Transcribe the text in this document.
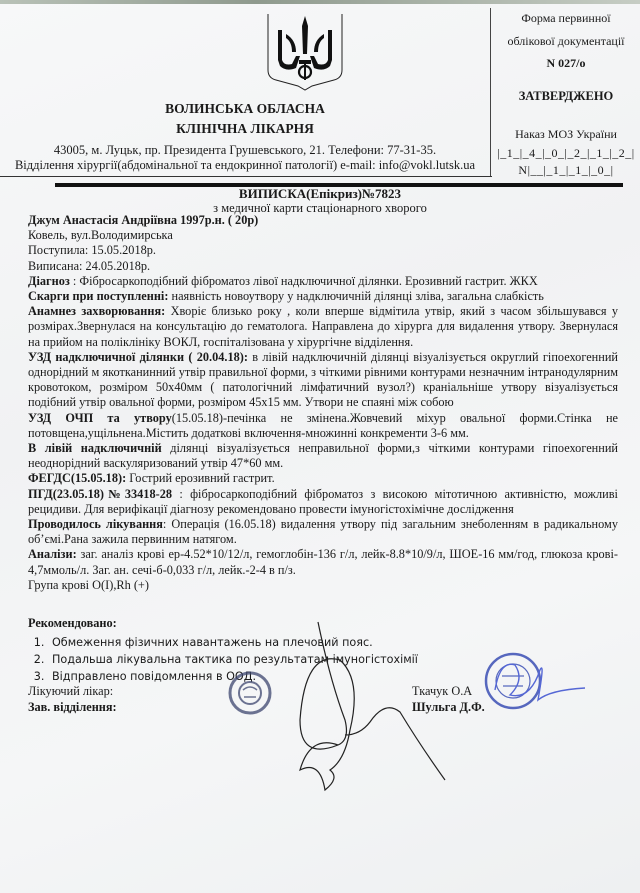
ВОЛИНСЬКА ОБЛАСНА
КЛІНІЧНА ЛІКАРНЯ
43005, м. Луцьк, пр. Президента Грушевського, 21. Телефони: 77-31-35.
Відділення хірургії(абдомінальної та ендокринної патології) e-mail: info@vokl.lutsk.ua
Форма первинної
облікової документації
N 027/о
ЗАТВЕРДЖЕНО
Наказ МОЗ України
|_1_|_4_|_0_|_2_|_1_|_2_|
N|__|_1_|_1_|_0_|
ВИПИСКА(Епікриз)№7823
з медичної карти стаціонарного хворого

Джум Анастасія Андріївна 1997р.н. ( 20р)

Ковель, вул.Володимирська

Поступила: 15.05.2018р.

Виписана: 24.05.2018р.

Діагноз : Фібросаркоподібний фіброматоз лівої надключичної ділянки. Ерозивний гастрит. ЖКХ

Скарги при поступленні: наявність новоутвору у надключичній ділянці зліва, загальна слабкість

Анамнез захворювання: Хворіє близько року , коли вперше відмітила утвір, який з часом збільшувався у розмірах.Звернулася на консультацію до гематолога. Направлена до хірурга для видалення утвору. Звернулася на прийом на поліклініку ВОКЛ, госпіталізована у хірургічне відділення.

УЗД надключичної ділянки ( 20.04.18): в лівій надключичній ділянці візуалізується округлий гіпоехогенний однорідний м якотканинний утвір правильної форми, з чіткими рівними контурами незначним інтранодулярним кровотоком, розміром 50х40мм ( патологічний лімфатичний вузол?) краніальніше утвору візуалізується подібний утвір овальної форми, розміром 45х15 мм. Утвори не спаяні між собою

УЗД ОЧП та утвору(15.05.18)-печінка не змінена.Жовчевий міхур овальної форми.Стінка не потовщена,ущільнена.Містить додаткові включення-множинні конкременти 3-6 мм.

В лівій надключичній ділянці візуалізується неправильної форми,з чіткими контурами гіпоехогенний неоднорідний васкуляризований утвір 47*60 мм.

ФЕГДС(15.05.18): Гострий ерозивний гастрит.

ПГД(23.05.18)№33418-28 : фібросаркоподібний фіброматоз з високою мітотичною активністю, можливі рецидиви. Для верифікації діагнозу рекомендовано провести імуногістохімічне дослідження

Проводилось лікування: Операція (16.05.18) видалення утвору під загальним знеболенням в радикальному об’ємі.Рана зажила первинним натягом.

Аналізи: заг. аналіз крові ер-4.52*10/12/л, гемоглобін-136 г/л, лейк-8.8*10/9/л, ШОЕ-16 мм/год, глюкоза крові- 4,7ммоль/л. Заг. ан. сечі-б-0,033 г/л, лейк.-2-4 в п/з.

Група крові O(I),Rh (+)

Рекомендовано:

1. Обмеження фізичних навантажень на плечовий пояс.
2. Подальша лікувальна тактика по результатам імуногістохімії
3. Відправлено повідомлення в ООД.
Лікуючий лікар:
Зав. відділення:
Ткачук О.А
Шульга Д.Ф.
